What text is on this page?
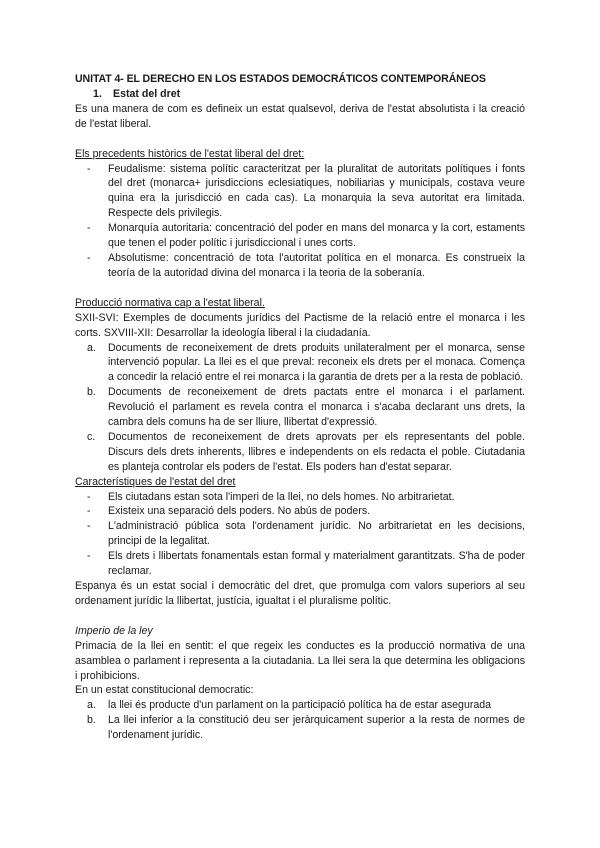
UNITAT 4- EL DERECHO EN LOS ESTADOS DEMOCRÁTICOS CONTEMPORÁNEOS
1. Estat del dret

Es una manera de com es defineix un estat qualsevol, deriva de l'estat absolutista i la creació de l'estat liberal.

Els precedents històrics de l'estat liberal del dret:
- Feudalisme: sistema polític caracteritzat per la pluralitat de autoritats polítiques i fonts del dret (monarca+ jurisdiccions eclesiatiques, nobiliarias y municipals, costava veure quina era la jurisdicció en cada cas). La monarquia la seva autoritat era limitada. Respecte dels privilegis.
- Monarquía autoritaria: concentració del poder en mans del monarca y la cort, estaments que tenen el poder polític i jurisdiccional i unes corts.
- Absolutisme: concentració de tota l'autoritat política en el monarca. Es construeix la teoría de la autoridad divina del monarca i la teoria de la soberanía.
Producció normativa cap a l'estat liberal.

SXII-SVI: Exemples de documents jurídics del Pactisme de la relació entre el monarca i les corts. SXVIII-XII: Desarrollar la ideología liberal i la ciudadanía.

a. Documents de reconeixement de drets produits unilateralment per el monarca, sense intervenció popular. La llei es el que preval: reconeix els drets per el monaca. Comença a concedir la relació entre el rei monarca i la garantia de drets per a la resta de població.
b. Documents de reconeixement de drets pactats entre el monarca i el parlament. Revolució el parlament es revela contra el monarca i s'acaba declarant uns drets, la cambra dels comuns ha de ser lliure, llibertat d'expressió.
c. Documentos de reconeixement de drets aprovats per els representants del poble. Discurs dels drets inherents, llibres e independents on els redacta el poble. Ciutadania es planteja controlar els poders de l'estat. Els poders han d'estat separar.
Característiques de l'estat del dret
- Els ciutadans estan sota l'imperi de la llei, no dels homes. No arbitrarietat.
- Existeix una separació dels poders. No abús de poders.
- L'administració pública sota l'ordenament jurídic. No arbitrarietat en les decisions, principi de la legalitat.
- Els drets i llibertats fonamentals estan formal y materialment garantitzats. S'ha de poder reclamar.

Espanya és un estat social i democràtic del dret, que promulga com valors superiors al seu ordenament jurídic la llibertat, justícia, igualtat i el pluralisme polític.

Imperio de la ley

Primacia de la llei en sentit: el que regeix les conductes es la producció normativa de una asamblea o parlament i representa a la ciutadania. La llei sera la que determina les obligacions i prohibicions.

En un estat constitucional democratic:

a. la llei és producte d'un parlament on la participació política ha de estar asegurada
b. La llei inferior a la constitució deu ser jeràrquicament superior a la resta de normes de l'ordenament jurídic.
